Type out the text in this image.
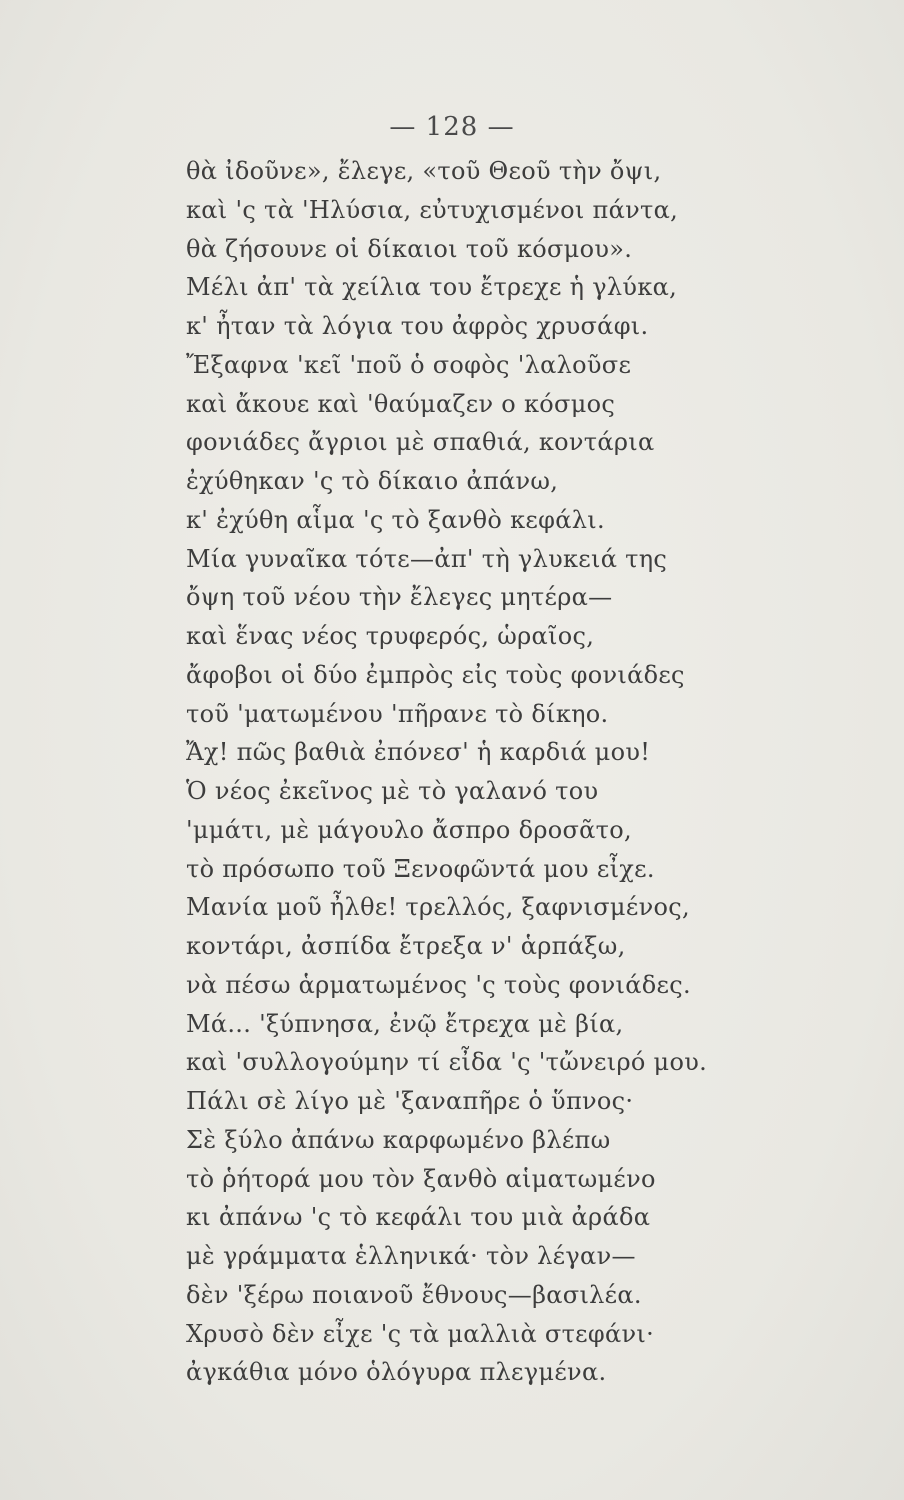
— 128 —
θὰ ἰδοῦνε», ἔλεγε, «τοῦ Θεοῦ τὴν ὄψι,
καὶ 'ς τὰ 'Ηλύσια, εὐτυχισμένοι πάντα,
θὰ ζήσουνε οἱ δίκαιοι τοῦ κόσμου».
Μέλι ἀπ' τὰ χείλια του ἔτρεχε ἡ γλύκα,
κ' ἦταν τὰ λόγια του ἀφρὸς χρυσάφι.
Ἔξαφνα 'κεῖ 'ποῦ ὁ σοφὸς 'λαλοῦσε
καὶ ἄκουε καὶ 'θαύμαζεν ο κόσμος
φονιάδες ἄγριοι μὲ σπαθιά, κοντάρια
ἐχύθηκαν 'ς τὸ δίκαιο ἀπάνω,
κ' ἐχύθη αἷμα 'ς τὸ ξανθὸ κεφάλι.
Μία γυναῖκα τότε—ἀπ' τὴ γλυκειά της
ὄψη τοῦ νέου τὴν ἔλεγες μητέρα—
καὶ ἕνας νέος τρυφερός, ὡραῖος,
ἄφοβοι οἱ δύο ἐμπρὸς εἰς τοὺς φονιάδες
τοῦ 'ματωμένου 'πῆρανε τὸ δίκηο.
Ἄχ! πῶς βαθιὰ ἐπόνεσ' ἡ καρδιά μου!
Ὁ νέος ἐκεῖνος μὲ τὸ γαλανό του
'μμάτι, μὲ μάγουλο ἄσπρο δροσᾶτο,
τὸ πρόσωπο τοῦ Ξενοφῶντά μου εἶχε.
Μανία μοῦ ἦλθε! τρελλός, ξαφνισμένος,
κοντάρι, ἀσπίδα ἔτρεξα ν' ἁρπάξω,
νὰ πέσω ἁρματωμένος 'ς τοὺς φονιάδες.
Μά... 'ξύπνησα, ἐνῷ ἔτρεχα μὲ βία,
καὶ 'συλλογούμην τί εἶδα 'ς 'τὤνειρό μου.
Πάλι σὲ λίγο μὲ 'ξαναπῆρε ὁ ὕπνος·
Σὲ ξύλο ἀπάνω καρφωμένο βλέπω
τὸ ῥήτορά μου τὸν ξανθὸ αἱματωμένο
κι ἀπάνω 'ς τὸ κεφάλι του μιὰ ἀράδα
μὲ γράμματα ἑλληνικά· τὸν λέγαν—
δὲν 'ξέρω ποιανοῦ ἔθνους—βασιλέα.
Χρυσὸ δὲν εἶχε 'ς τὰ μαλλιὰ στεφάνι·
ἀγκάθια μόνο ὁλόγυρα πλεγμένα.
